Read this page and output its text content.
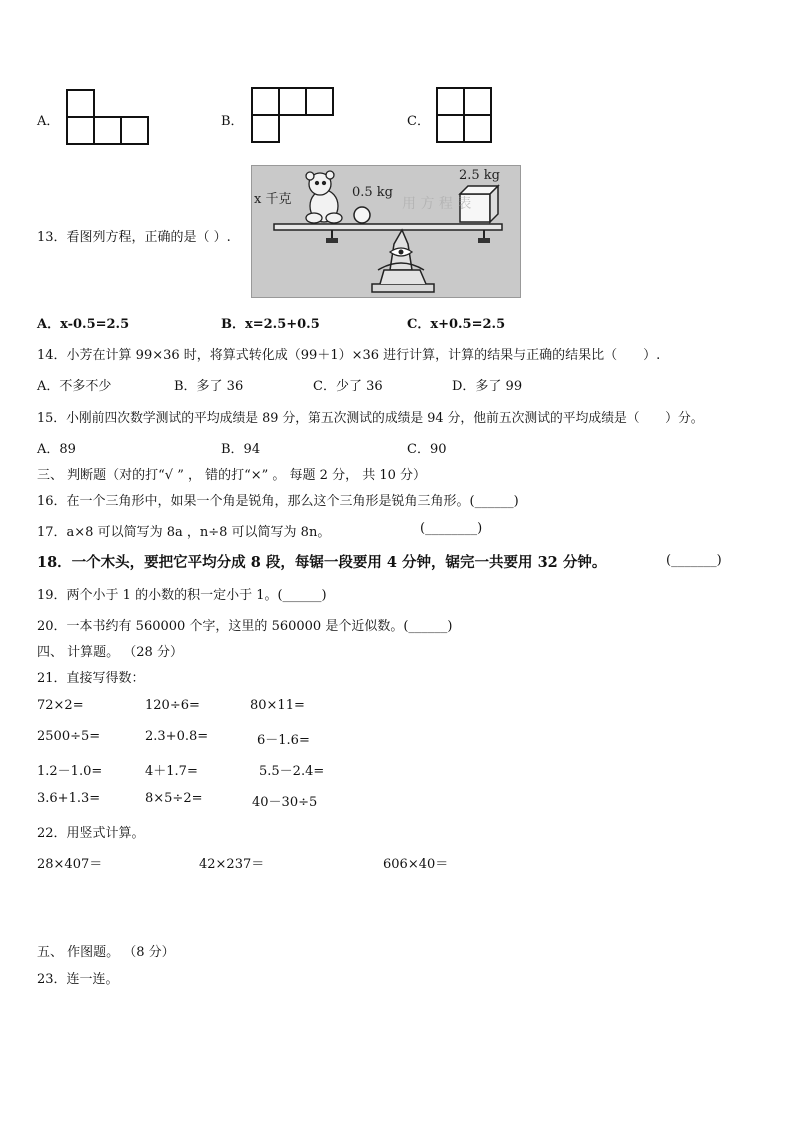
A．	B．	C．
13．看图列方程，正确的是（ ）.
用 方 程 表
x 千克	0.5 kg
2.5 kg
A．x-0.5=2.5	B．x=2.5+0.5	C．x+0.5=2.5
14．小芳在计算 99×36 时，将算式转化成（99＋1）×36 进行计算，计算的结果与正确的结果比（　　）.
A．不多不少	B．多了 36	C．少了 36	D．多了 99
15．小刚前四次数学测试的平均成绩是 89 分，第五次测试的成绩是 94 分，他前五次测试的平均成绩是（　　）分。
A．89	B．94	C．90
三、 判断题（对的打“√ ” ， 错的打“×” 。 每题 2 分， 共 10 分）
16．在一个三角形中，如果一个角是锐角，那么这个三角形是锐角三角形。(______)
17．a×8 可以简写为 8a ，n÷8 可以简写为 8n。	(________)
18．一个木头，要把它平均分成 8 段，每锯一段要用 4 分钟，锯完一共要用 32 分钟。	(_______)
19．两个小于 1 的小数的积一定小于 1。(______)
20．一本书约有 560000 个字，这里的 560000 是个近似数。(______)
四、 计算题。 （28 分）
21．直接写得数：
72×2=	120÷6=	80×11=
2500÷5=	2.3+0.8=	6－1.6=
1.2－1.0=	4＋1.7=	5.5－2.4=
3.6+1.3=	8×5÷2=	40－30÷5
22．用竖式计算。
28×407＝	42×237＝	606×40＝
五、 作图题。 （8 分）
23．连一连。
